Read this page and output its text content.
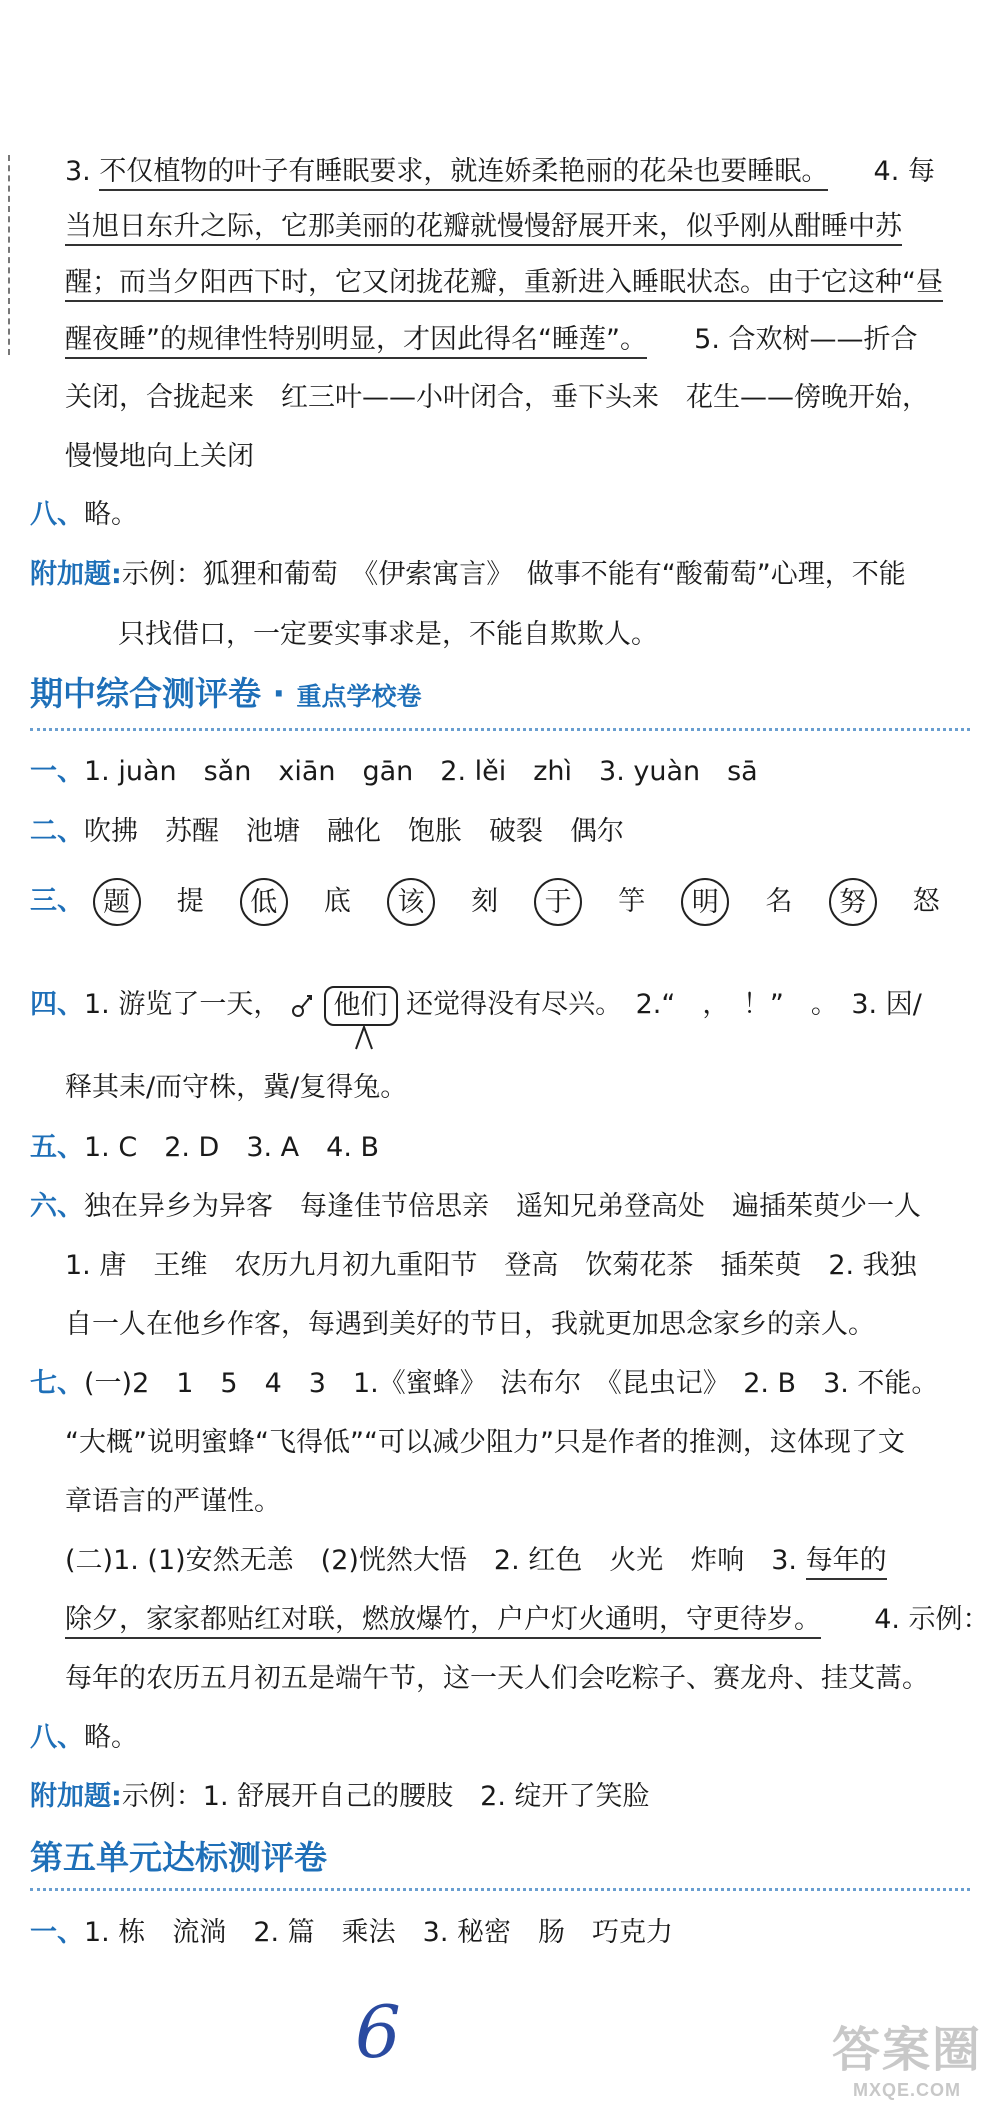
3. 不仅植物的叶子有睡眠要求，就连娇柔艳丽的花朵也要睡眠。 4. 每
当旭日东升之际，它那美丽的花瓣就慢慢舒展开来，似乎刚从酣睡中苏
醒；而当夕阳西下时，它又闭拢花瓣，重新进入睡眠状态。由于它这种“昼
醒夜睡”的规律性特别明显，才因此得名“睡莲”。 5. 合欢树——折合
关闭，合拢起来　红三叶——小叶闭合，垂下头来　花生——傍晚开始，
慢慢地向上关闭
八、略。
附加题:示例：狐狸和葡萄　《伊索寓言》　做事不能有“酸葡萄”心理，不能
只找借口，一定要实事求是，不能自欺欺人。
期中综合测评卷 · 重点学校卷
一、1. juàn　sǎn　xiān　gān　2. lěi　zhì　3. yuàn　sā
二、吹拂　苏醒　池塘　融化　饱胀　破裂　偶尔
三、 题 提 低 底 该 刻 于 竽 明 名 努 怒
四、1. 游览了一天， 他们 还觉得没有尽兴。　2.“　，　！”　。　3. 因/
释其耒/而守株，冀/复得兔。
五、1. C　2. D　3. A　4. B
六、独在异乡为异客　每逢佳节倍思亲　遥知兄弟登高处　遍插茱萸少一人
1. 唐　王维　农历九月初九重阳节　登高　饮菊花茶　插茱萸　2. 我独
自一人在他乡作客，每遇到美好的节日，我就更加思念家乡的亲人。
七、(一)2　1　5　4　3　1.《蜜蜂》　法布尔　《昆虫记》　2. B　3. 不能。
“大概”说明蜜蜂“飞得低”“可以减少阻力”只是作者的推测，这体现了文
章语言的严谨性。
(二)1. (1)安然无恙　(2)恍然大悟　2. 红色　火光　炸响　3. 每年的
除夕，家家都贴红对联，燃放爆竹，户户灯火通明，守更待岁。 4. 示例：
每年的农历五月初五是端午节，这一天人们会吃粽子、赛龙舟、挂艾蒿。
八、略。
附加题:示例：1. 舒展开自己的腰肢　2. 绽开了笑脸
第五单元达标测评卷
一、1. 栋　流淌　2. 篇　乘法　3. 秘密　肠　巧克力
6	答案圈
MXQE.COM
